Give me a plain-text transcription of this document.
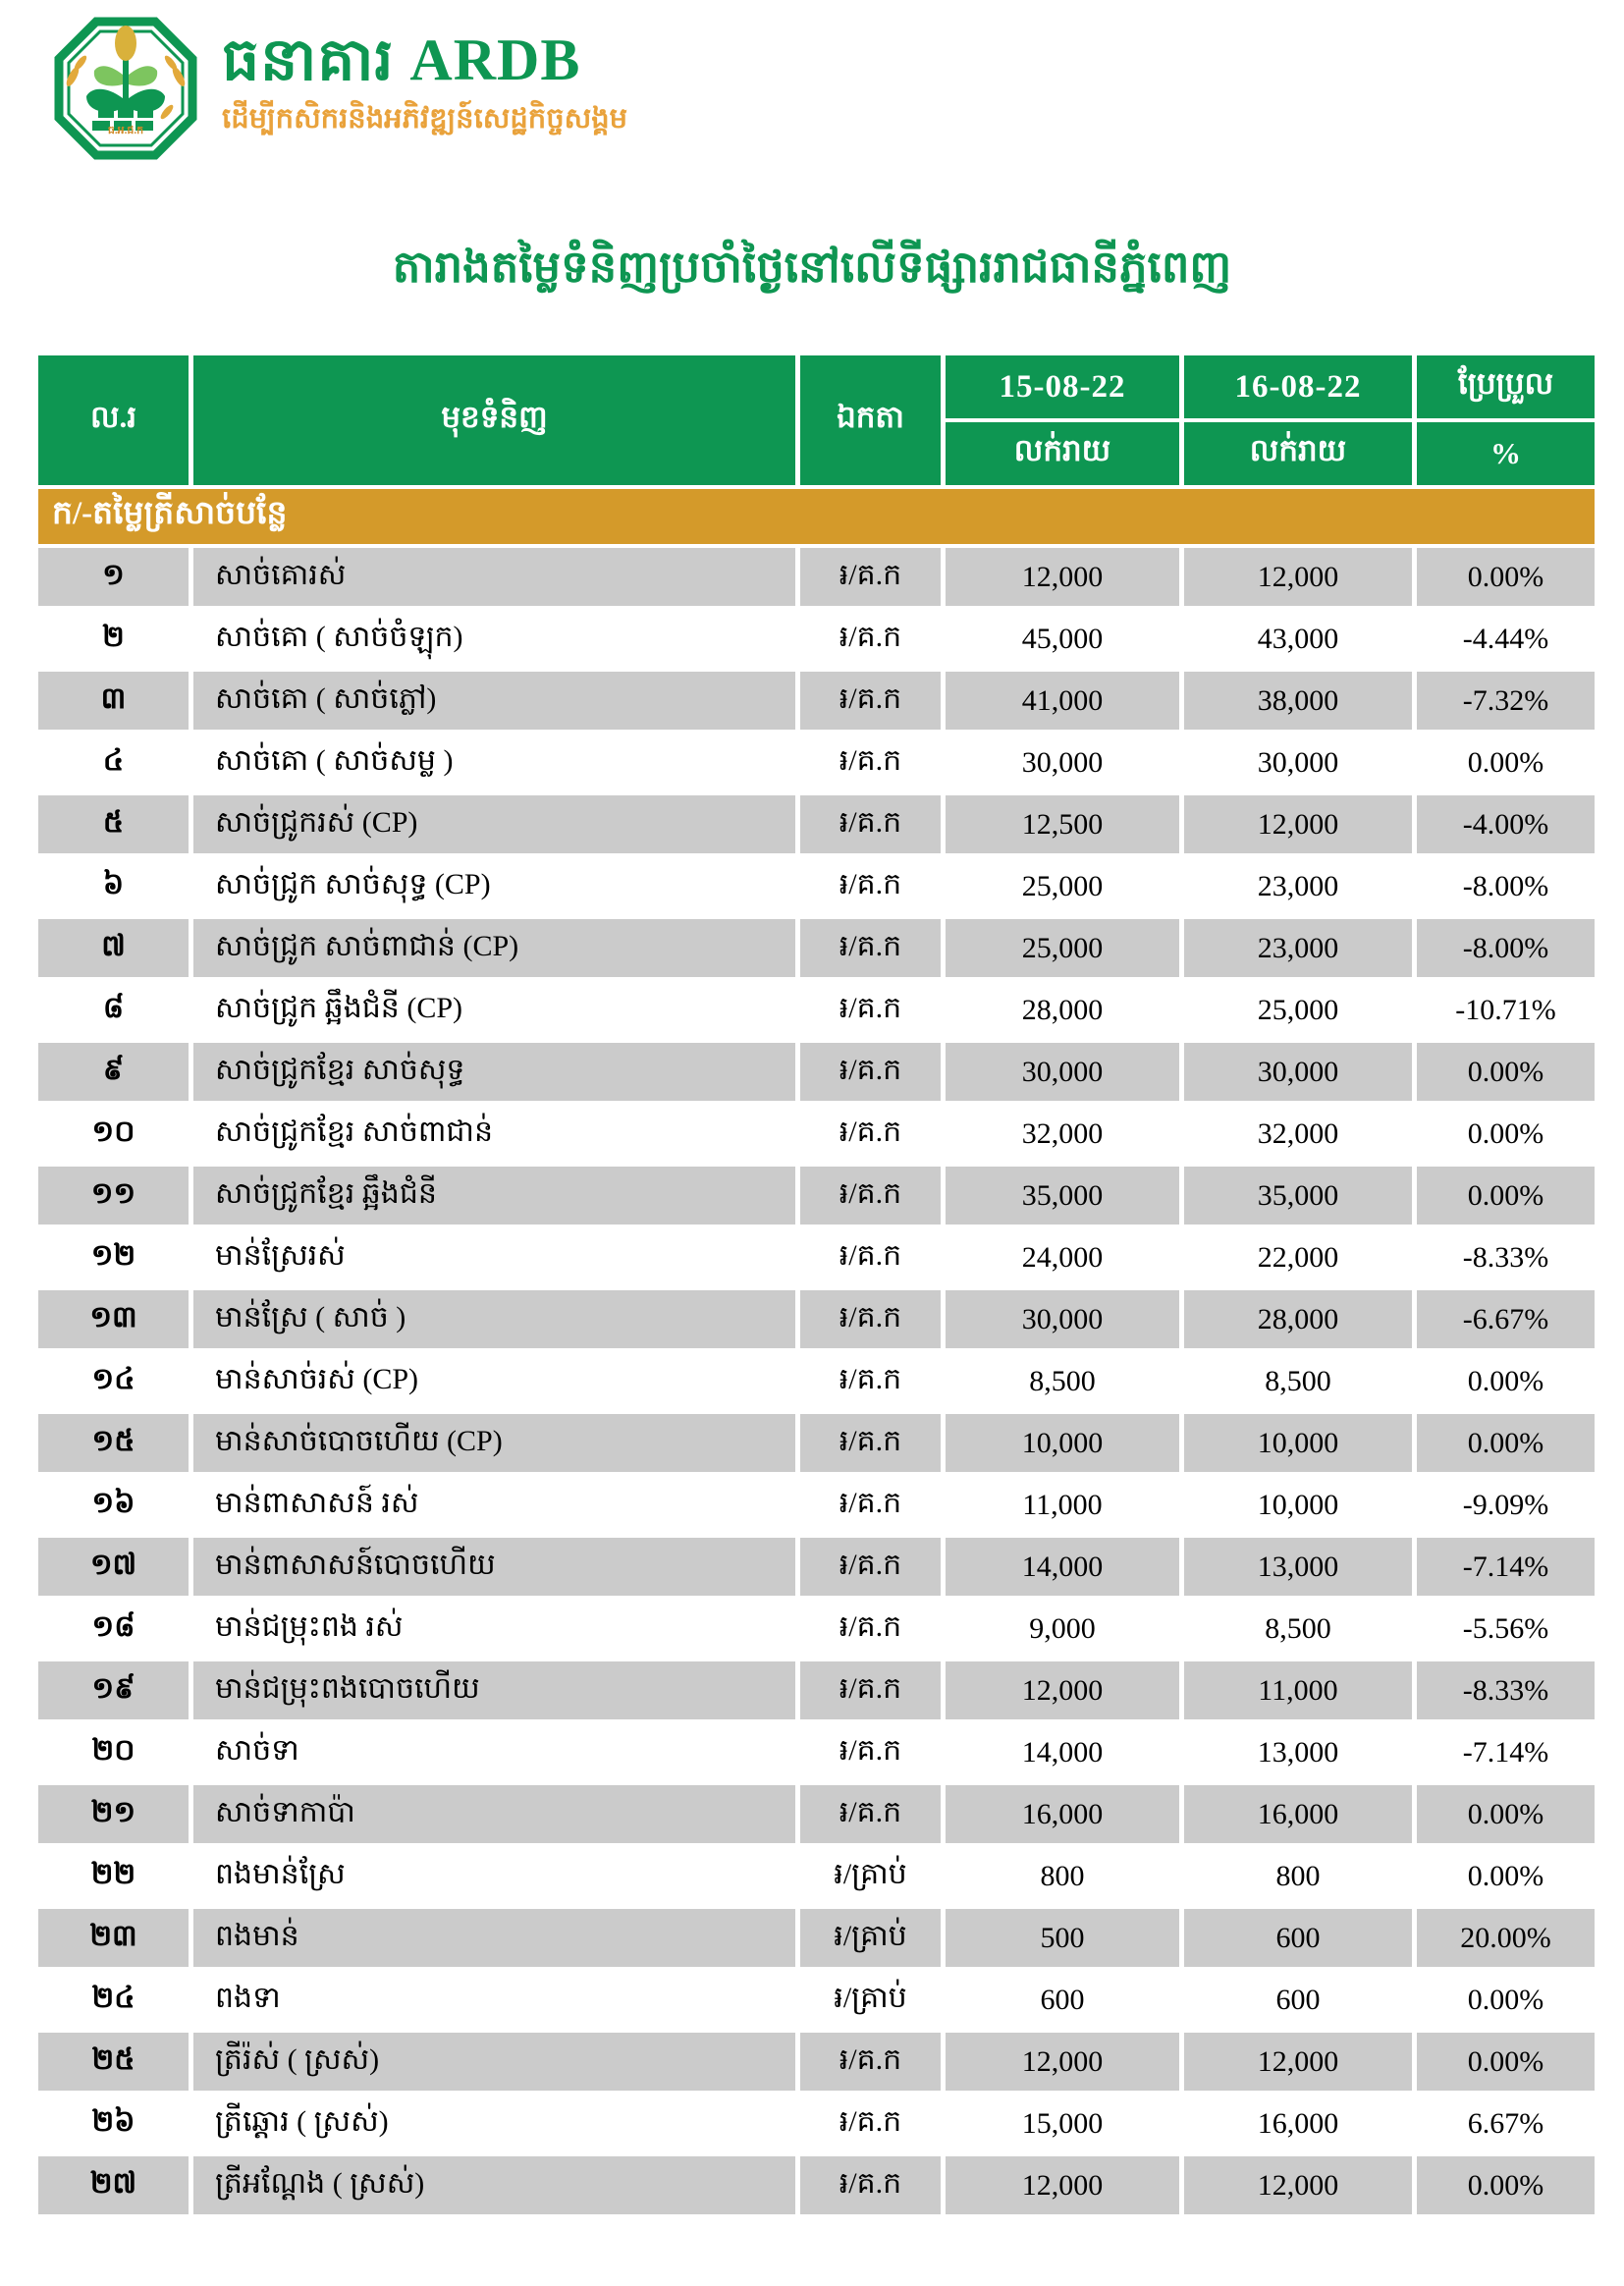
ធ.អ.ជ.ក
ធនាគារ ARDB
ដើម្បីកសិករនិងអភិវឌ្ឍន៍សេដ្ឋកិច្ចសង្គម
តារាងតម្លៃទំនិញប្រចាំថ្ងៃនៅលើទីផ្សាររាជធានីភ្នំពេញ
ល.រ	មុខទំនិញ	ឯកតា
15-08-22	16-08-22	ប្រែប្រួល
លក់រាយ	លក់រាយ	%
ក/-តម្លៃត្រីសាច់បន្លែ
១	សាច់គោរស់	៛/គ.ក	12,000	12,000	0.00%
២	សាច់គោ ( សាច់ចំឡុក)	៛/គ.ក	45,000	43,000	-4.44%
៣	សាច់គោ ( សាច់ភ្លៅ)	៛/គ.ក	41,000	38,000	-7.32%
៤	សាច់គោ ( សាច់សម្ល )	៛/គ.ក	30,000	30,000	0.00%
៥	សាច់ជ្រូករស់ (CP)	៛/គ.ក	12,500	12,000	-4.00%
៦	សាច់ជ្រូក សាច់សុទ្ធ (CP)	៛/គ.ក	25,000	23,000	-8.00%
៧	សាច់ជ្រូក សាច់ពាជាន់ (CP)	៛/គ.ក	25,000	23,000	-8.00%
៨	សាច់ជ្រូក ឆ្អឹងជំនី (CP)	៛/គ.ក	28,000	25,000	-10.71%
៩	សាច់ជ្រូកខ្មែរ សាច់សុទ្ធ	៛/គ.ក	30,000	30,000	0.00%
១០	សាច់ជ្រូកខ្មែរ សាច់ពាជាន់	៛/គ.ក	32,000	32,000	0.00%
១១	សាច់ជ្រូកខ្មែរ ឆ្អឹងជំនី	៛/គ.ក	35,000	35,000	0.00%
១២	មាន់ស្រែរស់	៛/គ.ក	24,000	22,000	-8.33%
១៣	មាន់ស្រែ ( សាច់ )	៛/គ.ក	30,000	28,000	-6.67%
១៤	មាន់សាច់រស់ (CP)	៛/គ.ក	8,500	8,500	0.00%
១៥	មាន់សាច់បោចហើយ (CP)	៛/គ.ក	10,000	10,000	0.00%
១៦	មាន់ពាសាសន៍ រស់	៛/គ.ក	11,000	10,000	-9.09%
១៧	មាន់ពាសាសន៍បោចហើយ	៛/គ.ក	14,000	13,000	-7.14%
១៨	មាន់ជម្រុះពង រស់	៛/គ.ក	9,000	8,500	-5.56%
១៩	មាន់ជម្រុះពងបោចហើយ	៛/គ.ក	12,000	11,000	-8.33%
២០	សាច់ទា	៛/គ.ក	14,000	13,000	-7.14%
២១	សាច់ទាកាប៉ា	៛/គ.ក	16,000	16,000	0.00%
២២	ពងមាន់ស្រែ	៛/គ្រាប់	800	800	0.00%
២៣	ពងមាន់	៛/គ្រាប់	500	600	20.00%
២៤	ពងទា	៛/គ្រាប់	600	600	0.00%
២៥	ត្រីរ៉ស់ ( ស្រស់)	៛/គ.ក	12,000	12,000	0.00%
២៦	ត្រីឆ្ដោរ ( ស្រស់)	៛/គ.ក	15,000	16,000	6.67%
២៧	ត្រីអណ្ដែង ( ស្រស់)	៛/គ.ក	12,000	12,000	0.00%
